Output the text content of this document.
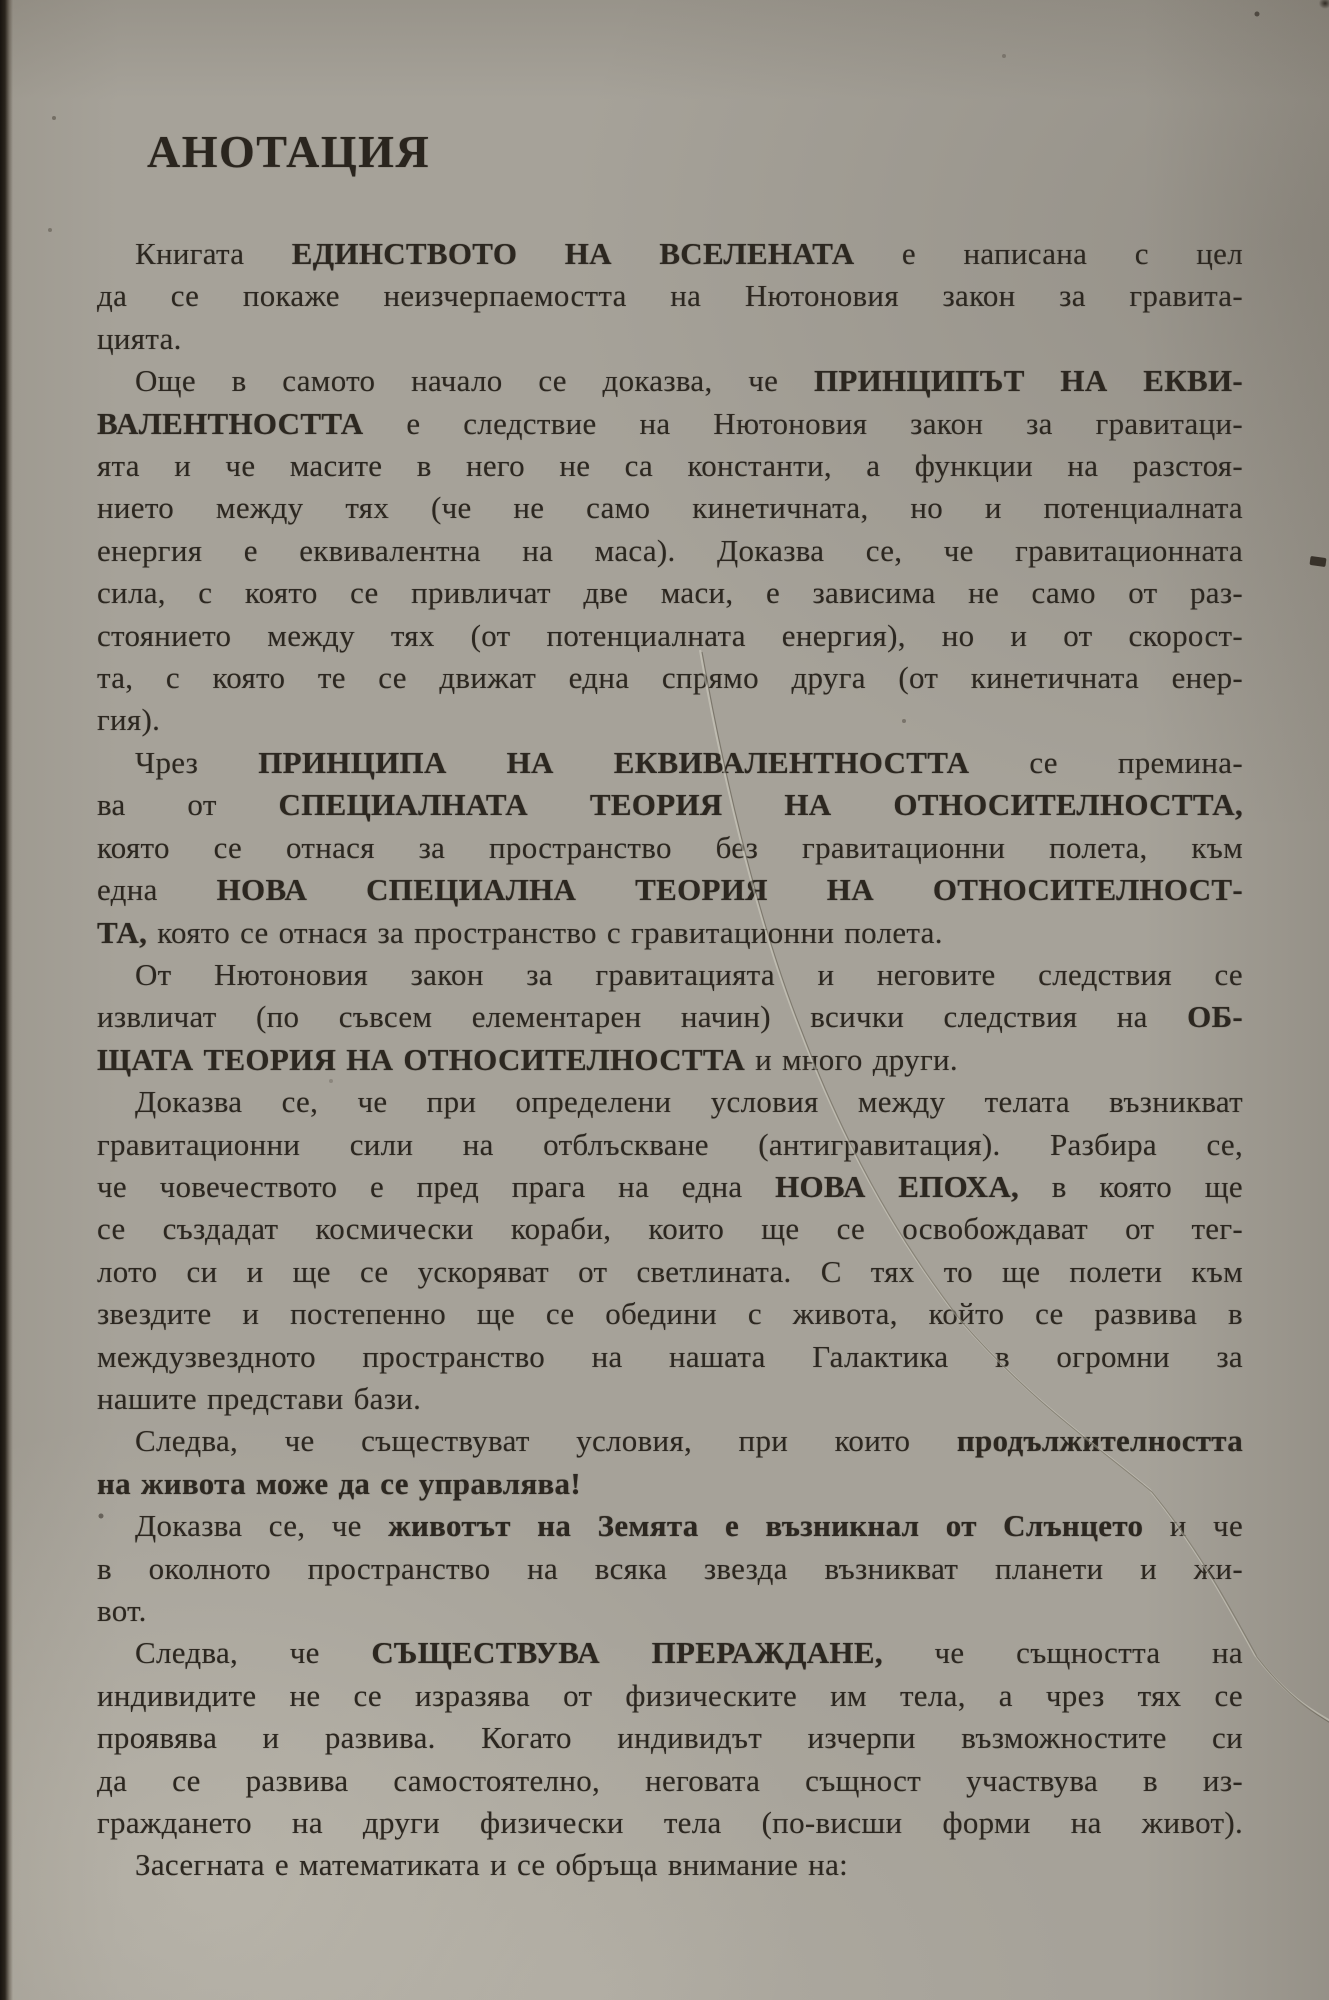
АНОТАЦИЯ
Книгата ЕДИНСТВОТО НА ВСЕЛЕНАТА е написана с цел
да се покаже неизчерпаемостта на Нютоновия закон за гравита-
цията.
Още в самото начало се доказва, че ПРИНЦИПЪТ НА ЕКВИ-
ВАЛЕНТНОСТТА е следствие на Нютоновия закон за гравитаци-
ята и че масите в него не са константи, а функции на разстоя-
нието между тях (че не само кинетичната, но и потенциалната
енергия е еквивалентна на маса). Доказва се, че гравитационната
сила, с която се привличат две маси, е зависима не само от раз-
стоянието между тях (от потенциалната енергия), но и от скорост-
та, с която те се движат една спрямо друга (от кинетичната енер-
гия).
Чрез ПРИНЦИПА НА ЕКВИВАЛЕНТНОСТТА се премина-
ва от СПЕЦИАЛНАТА ТЕОРИЯ НА ОТНОСИТЕЛНОСТТА,
която се отнася за пространство без гравитационни полета, към
една НОВА СПЕЦИАЛНА ТЕОРИЯ НА ОТНОСИТЕЛНОСТ-
ТА, която се отнася за пространство с гравитационни полета.
От Нютоновия закон за гравитацията и неговите следствия се
извличат (по съвсем елементарен начин) всички следствия на ОБ-
ЩАТА ТЕОРИЯ НА ОТНОСИТЕЛНОСТТА и много други.
Доказва се, че при определени условия между телата възникват
гравитационни сили на отблъскване (антигравитация). Разбира се,
че човечеството е пред прага на една НОВА ЕПОХА, в която ще
се създадат космически кораби, които ще се освобождават от тег-
лото си и ще се ускоряват от светлината. С тях то ще полети към
звездите и постепенно ще се обедини с живота, който се развива в
междузвездното пространство на нашата Галактика в огромни за
нашите представи бази.
Следва, че съществуват условия, при които продължителността
на живота може да се управлява!
Доказва се, че животът на Земята е възникнал от Слънцето и че
в околното пространство на всяка звезда възникват планети и жи-
вот.
Следва, че СЪЩЕСТВУВА ПРЕРАЖДАНЕ, че същността на
индивидите не се изразява от физическите им тела, а чрез тях се
проявява и развива. Когато индивидът изчерпи възможностите си
да се развива самостоятелно, неговата същност участвува в из-
граждането на други физически тела (по-висши форми на живот).
Засегната е математиката и се обръща внимание на:
